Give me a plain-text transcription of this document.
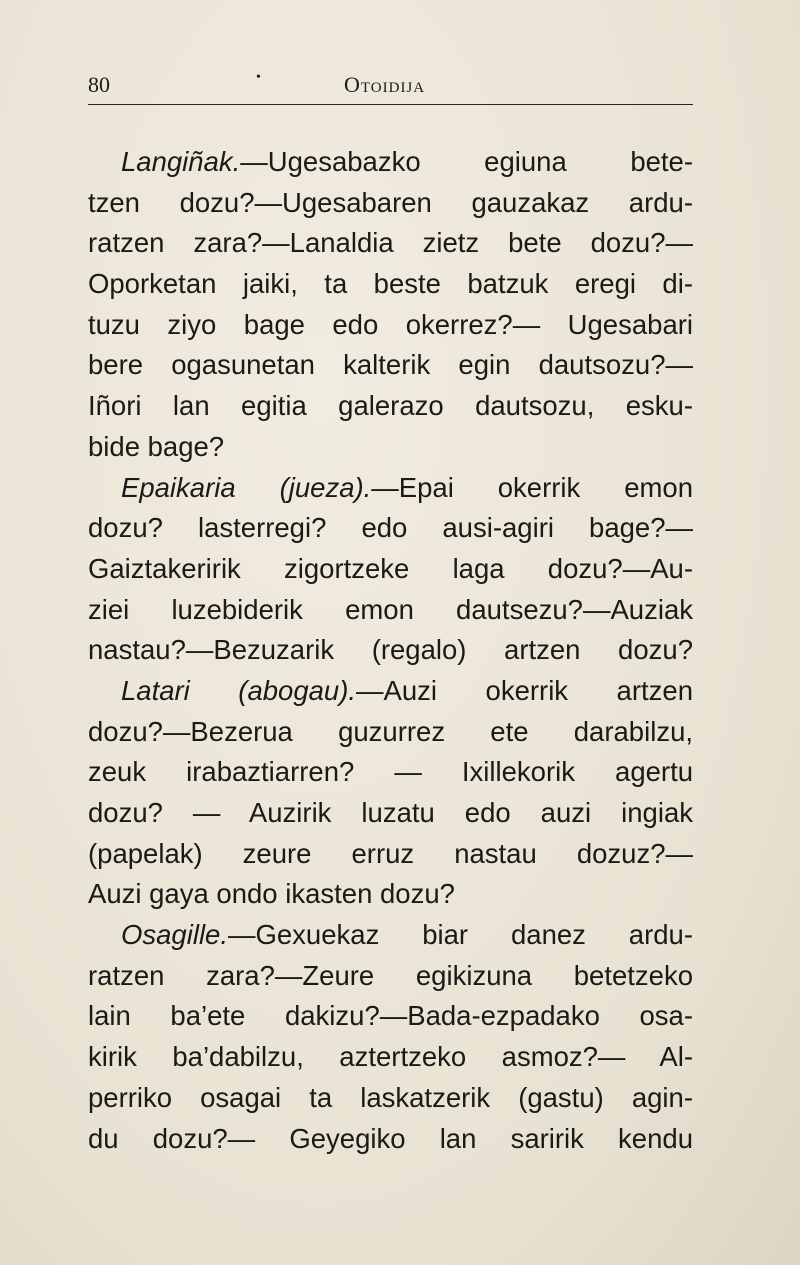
80	•	Otoidija
Langiñak.—Ugesabazko egiuna bete-
tzen dozu?—Ugesabaren gauzakaz ardu-
ratzen zara?—Lanaldia zietz bete dozu?—
Oporketan jaiki, ta beste batzuk eregi di-
tuzu ziyo bage edo okerrez?— Ugesabari
bere ogasunetan kalterik egin dautsozu?—
Iñori lan egitia galerazo dautsozu, esku-
bide bage?
Epaikaria (jueza).—Epai okerrik emon
dozu? lasterregi? edo ausi-agiri bage?—
Gaiztakeririk zigortzeke laga dozu?—Au-
ziei luzebiderik emon dautsezu?—Auziak
nastau?—Bezuzarik (regalo) artzen dozu?
Latari (abogau).—Auzi okerrik artzen
dozu?—Bezerua guzurrez ete darabilzu,
zeuk irabaztiarren? — Ixillekorik agertu
dozu? — Auzirik luzatu edo auzi ingiak
(papelak) zeure erruz nastau dozuz?—
Auzi gaya ondo ikasten dozu?
Osagille.—Gexuekaz biar danez ardu-
ratzen zara?—Zeure egikizuna betetzeko
lain ba’ete dakizu?—Bada-ezpadako osa-
kirik ba’dabilzu, aztertzeko asmoz?— Al-
perriko osagai ta laskatzerik (gastu) agin-
du dozu?— Geyegiko lan saririk kendu
